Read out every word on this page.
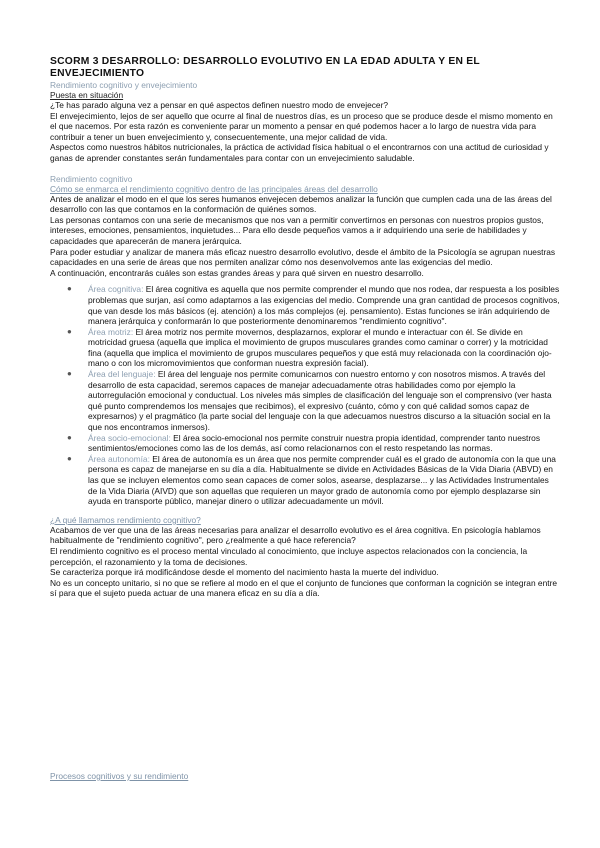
SCORM 3 DESARROLLO: DESARROLLO EVOLUTIVO EN LA EDAD ADULTA Y EN EL
ENVEJECIMIENTO

Rendimiento cognitivo y envejecimiento

Puesta en situación

¿Te has parado alguna vez a pensar en qué aspectos definen nuestro modo de envejecer?

El envejecimiento, lejos de ser aquello que ocurre al final de nuestros días, es un proceso que se produce desde el mismo momento en el que nacemos. Por esta razón es conveniente parar un momento a pensar en qué podemos hacer a lo largo de nuestra vida para contribuir a tener un buen envejecimiento y, consecuentemente, una mejor calidad de vida.

Aspectos como nuestros hábitos nutricionales, la práctica de actividad física habitual o el encontrarnos con una actitud de curiosidad y ganas de aprender constantes serán fundamentales para contar con un envejecimiento saludable.

Rendimiento cognitivo

Cómo se enmarca el rendimiento cognitivo dentro de las principales áreas del desarrollo

Antes de analizar el modo en el que los seres humanos envejecen debemos analizar la función que cumplen cada una de las áreas del desarrollo con las que contamos en la conformación de quiénes somos.

Las personas contamos con una serie de mecanismos que nos van a permitir convertirnos en personas con nuestros propios gustos, intereses, emociones, pensamientos, inquietudes... Para ello desde pequeños vamos a ir adquiriendo una serie de habilidades y capacidades que aparecerán de manera jerárquica.

Para poder estudiar y analizar de manera más eficaz nuestro desarrollo evolutivo, desde el ámbito de la Psicología se agrupan nuestras capacidades en una serie de áreas que nos permiten analizar cómo nos desenvolvemos ante las exigencias del medio.

A continuación, encontrarás cuáles son estas grandes áreas y para qué sirven en nuestro desarrollo.

● Área cognitiva: El área cognitiva es aquella que nos permite comprender el mundo que nos rodea, dar respuesta a los posibles problemas que surjan, así como adaptarnos a las exigencias del medio. Comprende una gran cantidad de procesos cognitivos, que van desde los más básicos (ej. atención) a los más complejos (ej. pensamiento). Estas funciones se irán adquiriendo de manera jerárquica y conformarán lo que posteriormente denominaremos "rendimiento cognitivo".
● Área motriz: El área motriz nos permite movernos, desplazarnos, explorar el mundo e interactuar con él. Se divide en motricidad gruesa (aquella que implica el movimiento de grupos musculares grandes como caminar o correr) y la motricidad fina (aquella que implica el movimiento de grupos musculares pequeños y que está muy relacionada con la coordinación ojo-mano o con los micromovimientos que conforman nuestra expresión facial).
● Área del lenguaje: El área del lenguaje nos permite comunicarnos con nuestro entorno y con nosotros mismos. A través del desarrollo de esta capacidad, seremos capaces de manejar adecuadamente otras habilidades como por ejemplo la autorregulación emocional y conductual. Los niveles más simples de clasificación del lenguaje son el comprensivo (ver hasta qué punto comprendemos los mensajes que recibimos), el expresivo (cuánto, cómo y con qué calidad somos capaz de expresarnos) y el pragmático (la parte social del lenguaje con la que adecuamos nuestros discurso a la situación social en la que nos encontramos inmersos).
● Área socio-emocional: El área socio-emocional nos permite construir nuestra propia identidad, comprender tanto nuestros sentimientos/emociones como las de los demás, así como relacionarnos con el resto respetando las normas.
● Área autonomía: El área de autonomía es un área que nos permite comprender cuál es el grado de autonomía con la que una persona es capaz de manejarse en su día a día. Habitualmente se divide en Actividades Básicas de la Vida Diaria (ABVD) en las que se incluyen elementos como sean capaces de comer solos, asearse, desplazarse... y las Actividades Instrumentales de la Vida Diaria (AIVD) que son aquellas que requieren un mayor grado de autonomía como por ejemplo desplazarse sin ayuda en transporte público, manejar dinero o utilizar adecuadamente un móvil.

¿A qué llamamos rendimiento cognitivo?

Acabamos de ver que una de las áreas necesarias para analizar el desarrollo evolutivo es el área cognitiva. En psicología hablamos habitualmente de "rendimiento cognitivo", pero ¿realmente a qué hace referencia?

El rendimiento cognitivo es el proceso mental vinculado al conocimiento, que incluye aspectos relacionados con la conciencia, la percepción, el razonamiento y la toma de decisiones.

Se caracteriza porque irá modificándose desde el momento del nacimiento hasta la muerte del individuo.

No es un concepto unitario, si no que se refiere al modo en el que el conjunto de funciones que conforman la cognición se integran entre sí para que el sujeto pueda actuar de una manera eficaz en su día a día.

Procesos cognitivos y su rendimiento
